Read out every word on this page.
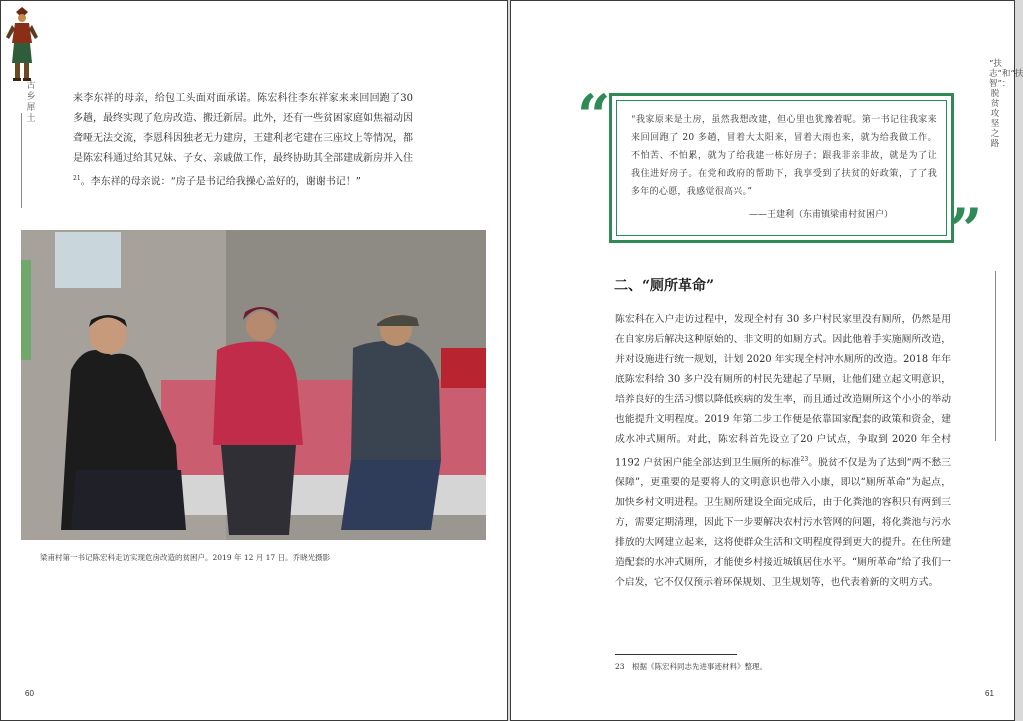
古乡犀土

来李东祥的母亲，给包工头面对面承诺。陈宏科往李东祥家来来回回跑了30多趟，最终实现了危房改造、搬迁新居。此外，还有一些贫困家庭如焦福动因聋哑无法交流，李恩科因独老无力建房，王建利老宅建在三座坟上等情况，都是陈宏科通过给其兄妹、子女、亲戚做工作，最终协助其全部建成新房并入住$^{21}$。李东祥的母亲说：“房子是书记给我操心盖好的，谢谢书记！”

梁甫村第一书记陈宏科走访实现危房改造的贫困户。2019 年 12 月 17 日。乔晓光摄影
60
“扶志”和“扶智”：脱贫攻坚之路
“
”

“我家原来是土房，虽然我想改建，但心里也犹豫着呢。第一书记往我家来来回回跑了 20 多趟，冒着大太阳来，冒着大雨也来，就为给我做工作。不怕苦、不怕累，就为了给我建一栋好房子；跟我非亲非故，就是为了让我住进好房子。在党和政府的帮助下，我享受到了扶贫的好政策，了了我多年的心愿，我感觉很高兴。”

——王建利（东甫镇梁甫村贫困户）
二、“厕所革命”

陈宏科在入户走访过程中，发现全村有 30 多户村民家里没有厕所，仍然是用在自家房后解决这种原始的、非文明的如厕方式。因此他着手实施厕所改造，并对设施进行统一规划，计划 2020 年实现全村冲水厕所的改造。2018 年年底陈宏科给 30 多户没有厕所的村民先建起了旱厕，让他们建立起文明意识，培养良好的生活习惯以降低疾病的发生率，而且通过改造厕所这个小小的举动也能提升文明程度。2019 年第二步工作便是依靠国家配套的政策和资金，建成水冲式厕所。对此，陈宏科首先设立了20 户试点，争取到 2020 年全村 1192 户贫困户能全部达到卫生厕所的标准$^{23}$。脱贫不仅是为了达到“两不愁三保障”，更重要的是要将人的文明意识也带入小康，即以“厕所革命”为起点，加快乡村文明进程。卫生厕所建设全面完成后，由于化粪池的容积只有两到三方，需要定期清理，因此下一步要解决农村污水管网的问题，将化粪池与污水排放的大网建立起来，这将使群众生活和文明程度得到更大的提升。在住所建造配套的水冲式厕所，才能使乡村接近城镇居住水平。“厕所革命”给了我们一个启发，它不仅仅预示着环保规划、卫生规划等，也代表着新的文明方式。

23　根据《陈宏科同志先进事迹材料》整理。
61
